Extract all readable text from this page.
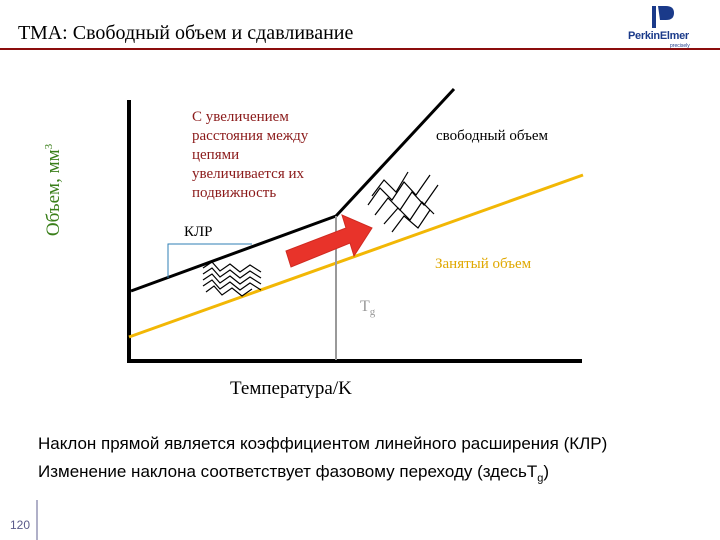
ТМА: Свободный объем и сдавливание	PerkinElmer
precisely
Объем, $мм^3$
С увеличением
расстояния между
цепями
увеличивается их
подвижность
свободный объем
КЛР
Занятый объем
$T_g$
Температура/K
Наклон прямой является коэффициентом линейного расширения (КЛР)
Изменение наклона соответствует фазовому переходу (здесьT$_g$)
120
